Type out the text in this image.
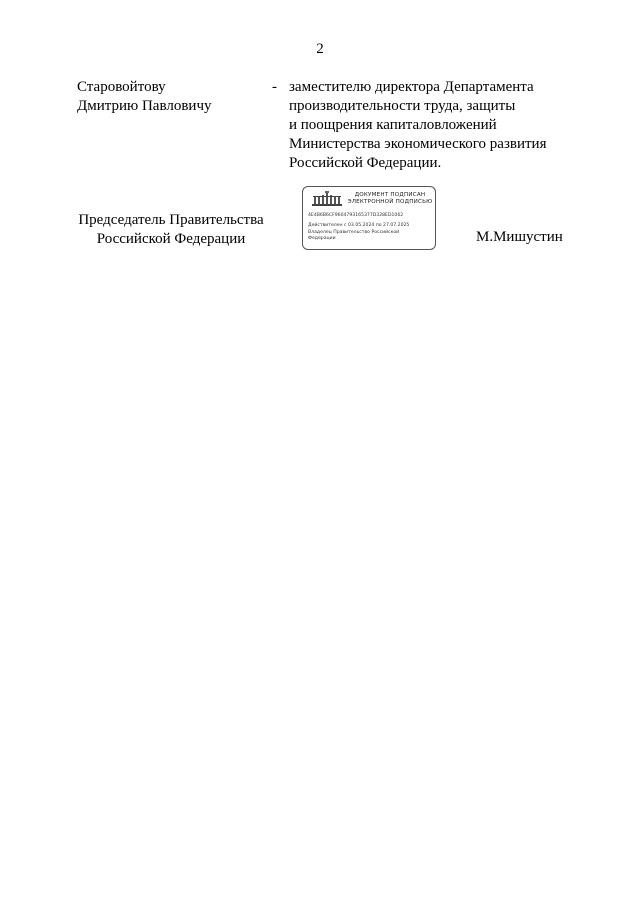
2
Старовойтову
Дмитрию Павловичу
- заместителю директора Департамента
производительности труда, защиты
и поощрения капиталовложений
Министерства экономического развития
Российской Федерации.
Председатель Правительства
Российской Федерации
ДОКУМЕНТ ПОДПИСАН
ЭЛЕКТРОННОЙ ПОДПИСЬЮ
4E4B6B6CF9604793165377D328ED1062
Действителен с 03.05.2024 по 27.07.2025
Владелец Правительство Российской
Федерации	М.Мишустин
